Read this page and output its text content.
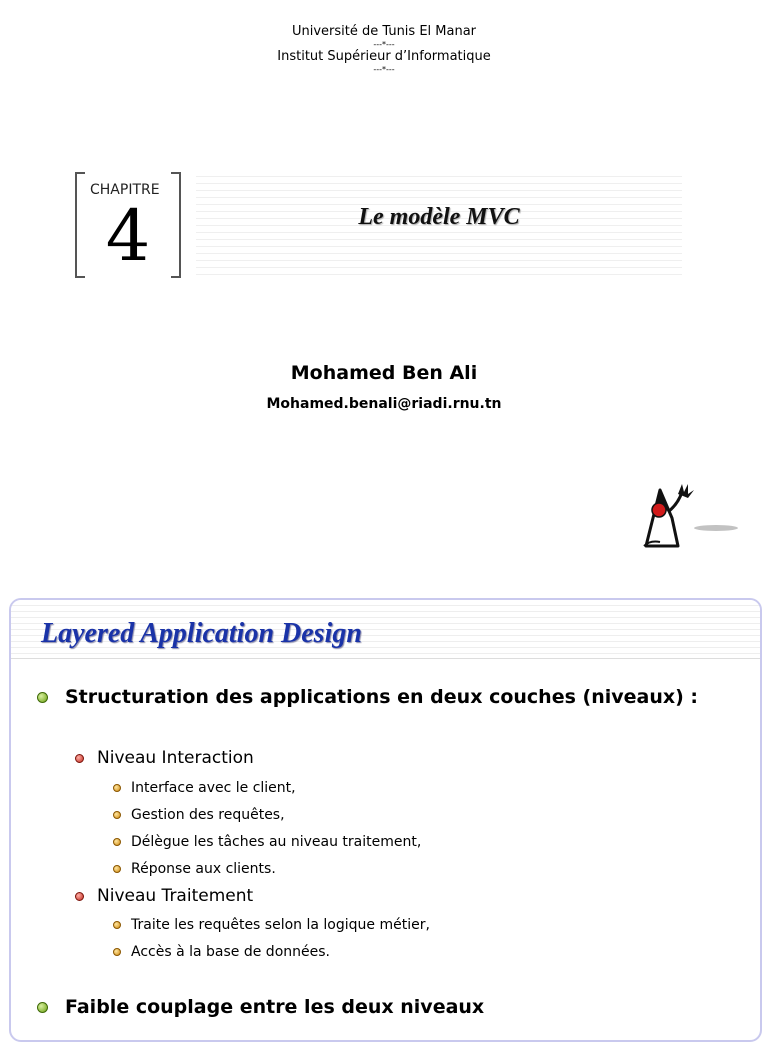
Université de Tunis El Manar
---*---
Institut Supérieur d’Informatique
---*---
CHAPITRE
4	Le modèle MVC
Mohamed Ben Ali
Mohamed.benali@riadi.rnu.tn
Layered Application Design
Structuration des applications en deux couches (niveaux) :
Niveau Interaction
Interface avec le client,
Gestion des requêtes,
Délègue les tâches au niveau traitement,
Réponse aux clients.
Niveau Traitement
Traite les requêtes selon la logique métier,
Accès à la base de données.
Faible couplage entre les deux niveaux
